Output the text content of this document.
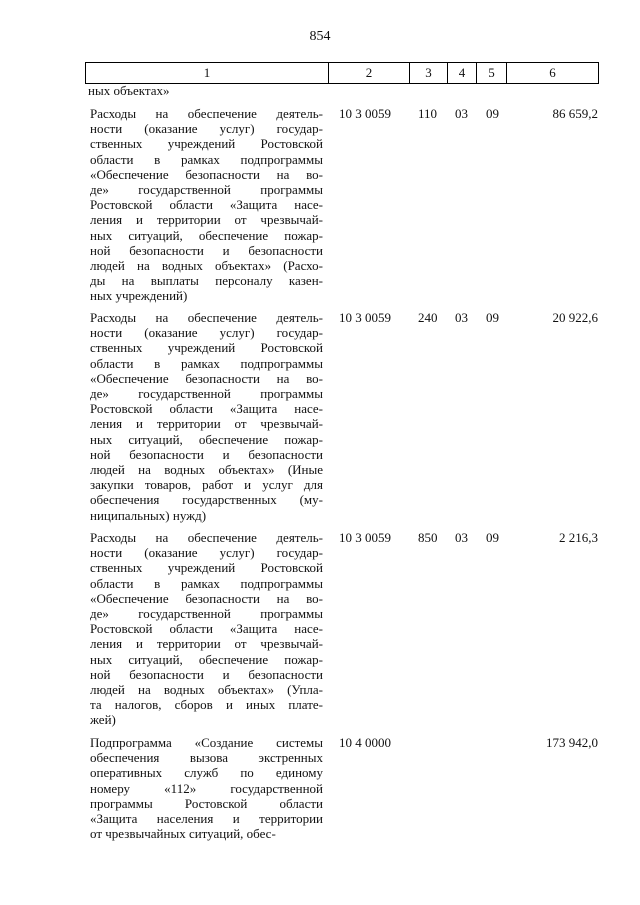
854
1	2	3	4	5	6
ных объектах»
Расходы на обеспечение деятель-
ности (оказание услуг) государ-
ственных учреждений Ростовской
области в рамках подпрограммы
«Обеспечение безопасности на во-
де» государственной программы
Ростовской области «Защита насе-
ления и территории от чрезвычай-
ных ситуаций, обеспечение пожар-
ной безопасности и безопасности
людей на водных объектах» (Расхо-
ды на выплаты персоналу казен-
ных учреждений)
10 3 0059 110 03 09	86 659,2
Расходы на обеспечение деятель-
ности (оказание услуг) государ-
ственных учреждений Ростовской
области в рамках подпрограммы
«Обеспечение безопасности на во-
де» государственной программы
Ростовской области «Защита насе-
ления и территории от чрезвычай-
ных ситуаций, обеспечение пожар-
ной безопасности и безопасности
людей на водных объектах» (Иные
закупки товаров, работ и услуг для
обеспечения государственных (му-
ниципальных) нужд)
10 3 0059 240 03 09	20 922,6
Расходы на обеспечение деятель-
ности (оказание услуг) государ-
ственных учреждений Ростовской
области в рамках подпрограммы
«Обеспечение безопасности на во-
де» государственной программы
Ростовской области «Защита насе-
ления и территории от чрезвычай-
ных ситуаций, обеспечение пожар-
ной безопасности и безопасности
людей на водных объектах» (Упла-
та налогов, сборов и иных плате-
жей)
10 3 0059 850 03 09	2 216,3
Подпрограмма «Создание системы
обеспечения вызова экстренных
оперативных служб по единому
номеру «112» государственной
программы Ростовской области
«Защита населения и территории
от чрезвычайных ситуаций, обес-
10 4 0000	173 942,0
